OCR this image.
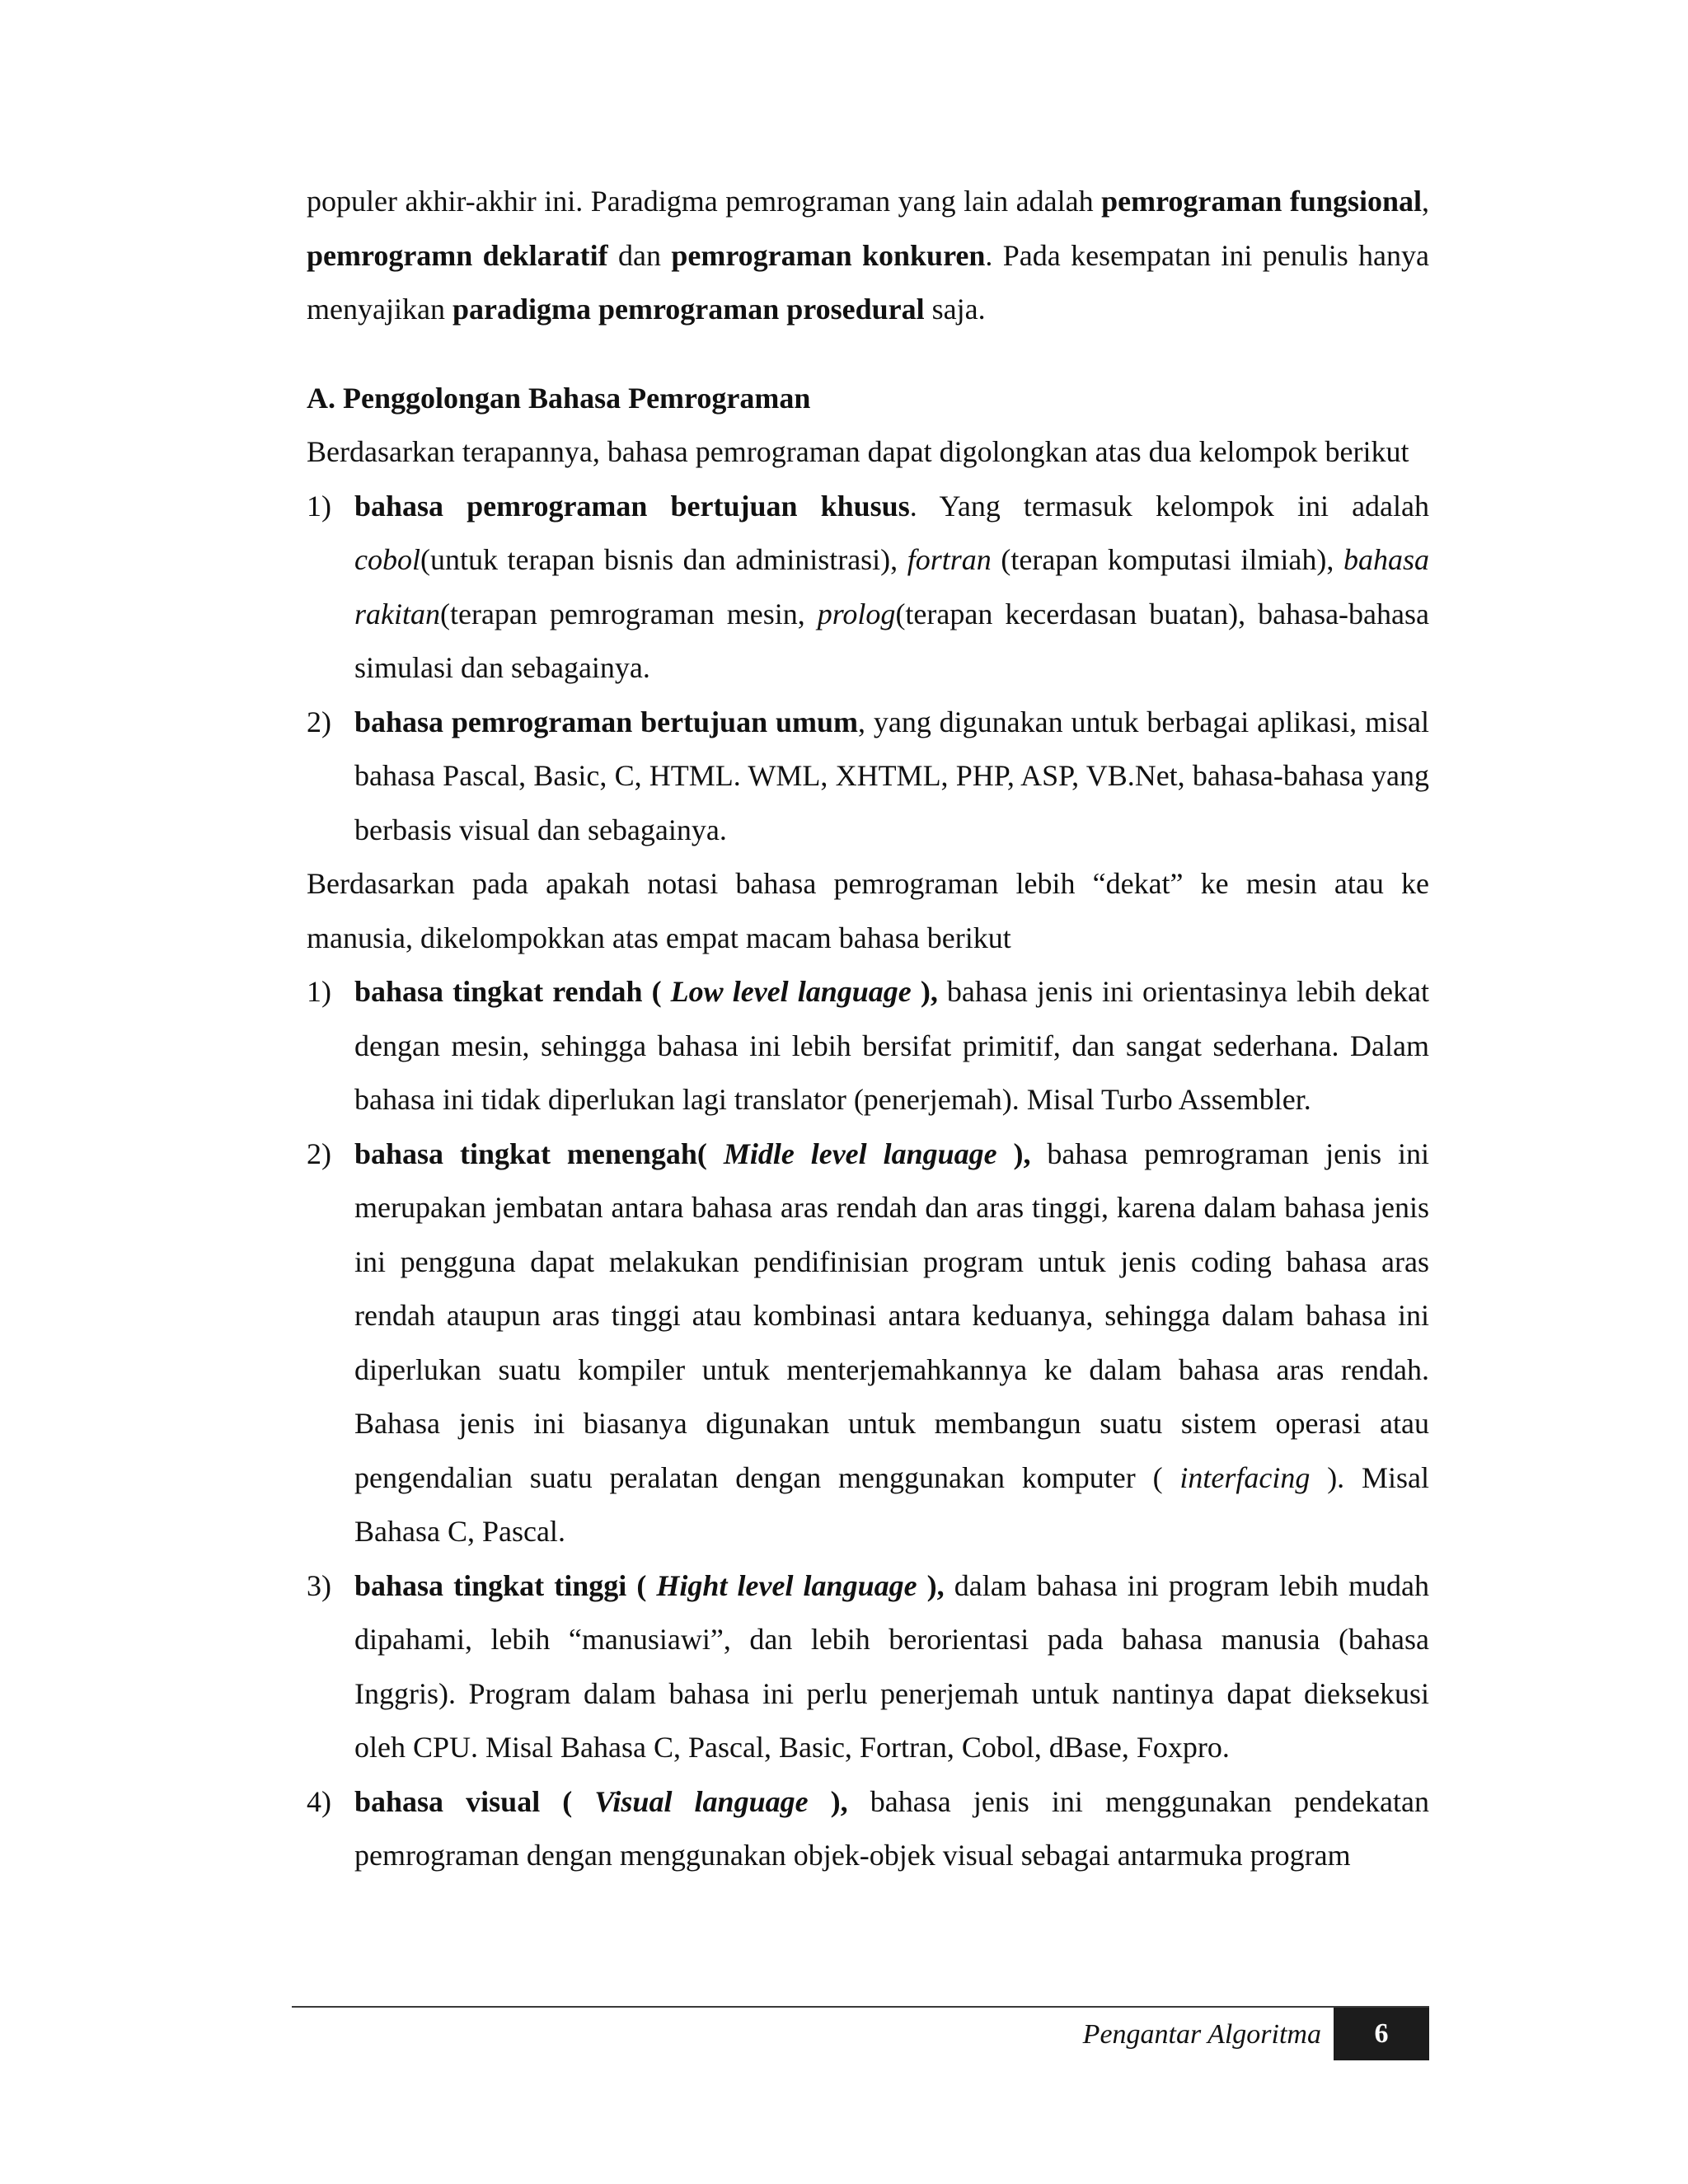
populer akhir-akhir ini. Paradigma pemrograman yang lain adalah pemrograman fungsional, pemrogramn deklaratif dan pemrograman konkuren. Pada kesempatan ini penulis hanya menyajikan paradigma pemrograman prosedural saja.

A. Penggolongan Bahasa Pemrograman

Berdasarkan terapannya, bahasa pemrograman dapat digolongkan atas dua kelompok berikut

1) bahasa pemrograman bertujuan khusus. Yang termasuk kelompok ini adalah cobol(untuk terapan bisnis dan administrasi), fortran (terapan komputasi ilmiah), bahasa rakitan(terapan pemrograman mesin, prolog(terapan kecerdasan buatan), bahasa-bahasa simulasi dan sebagainya.
2) bahasa pemrograman bertujuan umum, yang digunakan untuk berbagai aplikasi, misal bahasa Pascal, Basic, C, HTML. WML, XHTML, PHP, ASP, VB.Net, bahasa-bahasa yang berbasis visual dan sebagainya.

Berdasarkan pada apakah notasi bahasa pemrograman lebih “dekat” ke mesin atau ke manusia, dikelompokkan atas empat macam bahasa berikut

1) bahasa tingkat rendah ( Low level language ), bahasa jenis ini orientasinya lebih dekat dengan mesin, sehingga bahasa ini lebih bersifat primitif, dan sangat sederhana. Dalam bahasa ini tidak diperlukan lagi translator (penerjemah). Misal Turbo Assembler.
2) bahasa tingkat menengah( Midle level language ), bahasa pemrograman jenis ini merupakan jembatan antara bahasa aras rendah dan aras tinggi, karena dalam bahasa jenis ini pengguna dapat melakukan pendifinisian program untuk jenis coding bahasa aras rendah ataupun aras tinggi atau kombinasi antara keduanya, sehingga dalam bahasa ini diperlukan suatu kompiler untuk menterjemahkannya ke dalam bahasa aras rendah. Bahasa jenis ini biasanya digunakan untuk membangun suatu sistem operasi atau pengendalian suatu peralatan dengan menggunakan komputer ( interfacing ). Misal Bahasa C, Pascal.
3) bahasa tingkat tinggi ( Hight level language ), dalam bahasa ini program lebih mudah dipahami, lebih “manusiawi”, dan lebih berorientasi pada bahasa manusia (bahasa Inggris). Program dalam bahasa ini perlu penerjemah untuk nantinya dapat dieksekusi oleh CPU. Misal Bahasa C, Pascal, Basic, Fortran, Cobol, dBase, Foxpro.
4) bahasa visual ( Visual language ), bahasa jenis ini menggunakan pendekatan pemrograman dengan menggunakan objek-objek visual sebagai antarmuka program
Pengantar Algoritma	6
